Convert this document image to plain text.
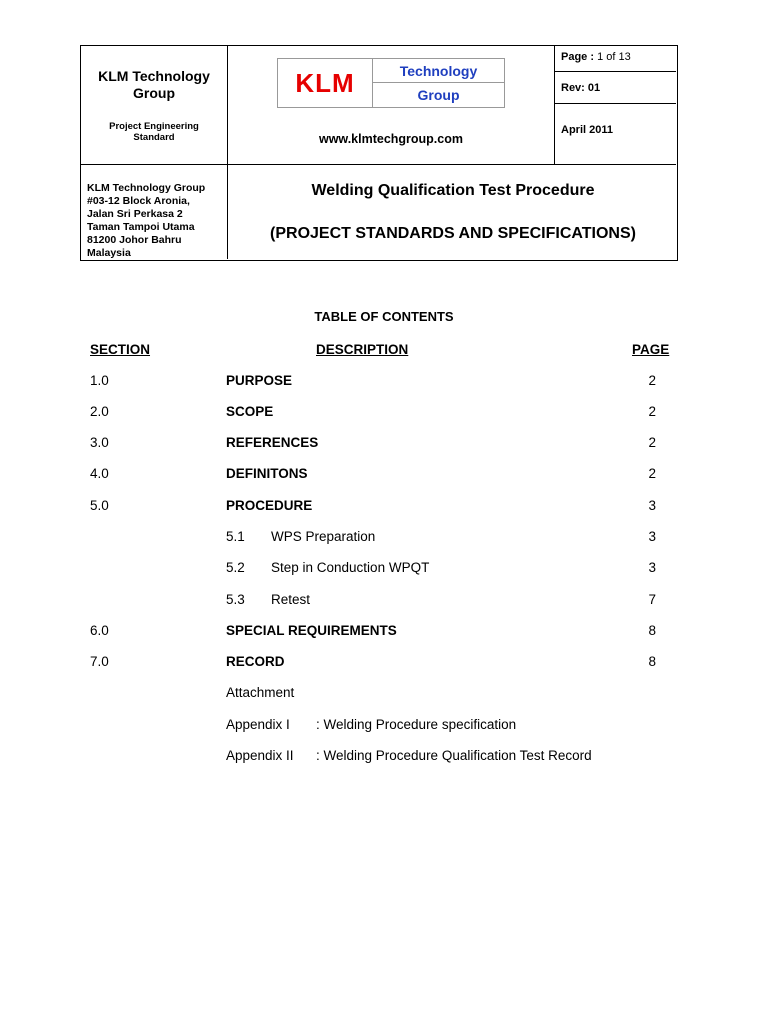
KLM Technology
Group
Project Engineering
Standard
KLM	Technology
Group
www.klmtechgroup.com
Page : 1 of 13
Rev: 01
April 2011
KLM Technology Group
#03-12 Block Aronia,
Jalan Sri Perkasa 2
Taman Tampoi Utama
81200 Johor Bahru
Malaysia
Welding Qualification Test Procedure
(PROJECT STANDARDS AND SPECIFICATIONS)
TABLE OF CONTENTS
SECTION	DESCRIPTION	PAGE
1.0	PURPOSE	2
2.0	SCOPE	2
3.0	REFERENCES	2
4.0	DEFINITONS	2
5.0	PROCEDURE	3
5.1 WPS Preparation	3
5.2 Step in Conduction WPQT	3
5.3 Retest	7
6.0	SPECIAL REQUIREMENTS	8
7.0	RECORD	8
Attachment
Appendix I : Welding Procedure specification
Appendix II : Welding Procedure Qualification Test Record
